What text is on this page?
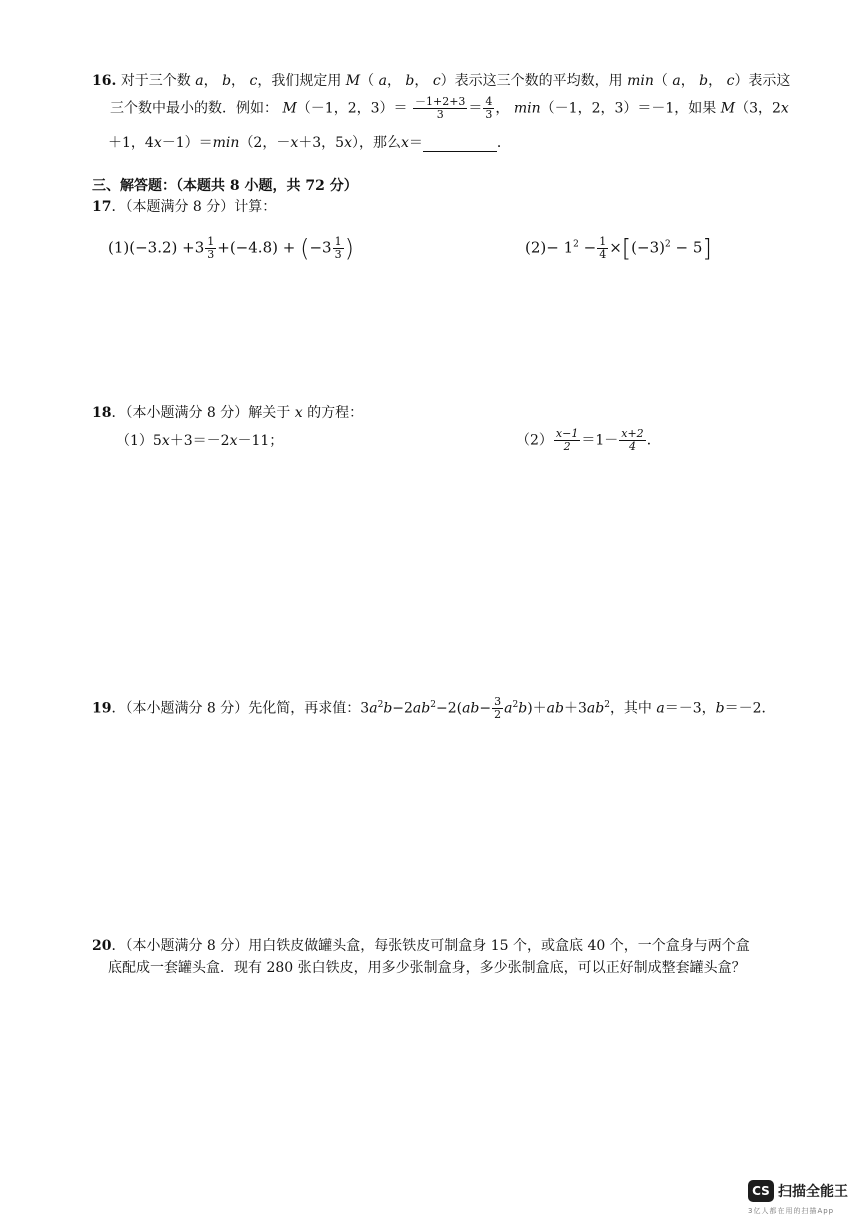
16. 对于三个数 a， b， c，我们规定用 M（ a， b， c）表示这三个数的平均数，用 min（ a， b， c）表示这
三个数中最小的数．例如： M（－1，2，$3)= \frac{-1+2+3}{3} = \frac{4}{3}$ ， min（－1，2，3）＝－1，如果 M（3，2x
＋1，4x－1）＝min（2，－x＋3，5x），那么x＝	．
三、解答题：（本题共 8 小题，共 72 分）
17．（本题满分 8 分）计算：
$(1)(-3.2) +3 \frac{1}{3} +(-4.8) + (-3 \frac{1}{3}$ )	$(2)- 1^2 - \frac{1}{4} \times[(-3)^2 - 5]$
18．（本小题满分 8 分）解关于 x 的方程：
（1）5x＋3＝－2x－11；	$(2) \frac{x-1}{2} =1- \frac{x+2}{4}$ ．
19．（本小题满分 8 分）先化简，再求值：$3a^2b-2ab^2-2(ab- \frac{3}{2} a^2b)+ab+3ab^2$，其中 a＝－3，b＝－2．
20．（本小题满分 8 分）用白铁皮做罐头盒，每张铁皮可制盒身 15 个，或盒底 40 个，一个盒身与两个盒
底配成一套罐头盒．现有 280 张白铁皮，用多少张制盒身，多少张制盒底，可以正好制成整套罐头盒？
CS 扫描全能王
3亿人都在用的扫描App
